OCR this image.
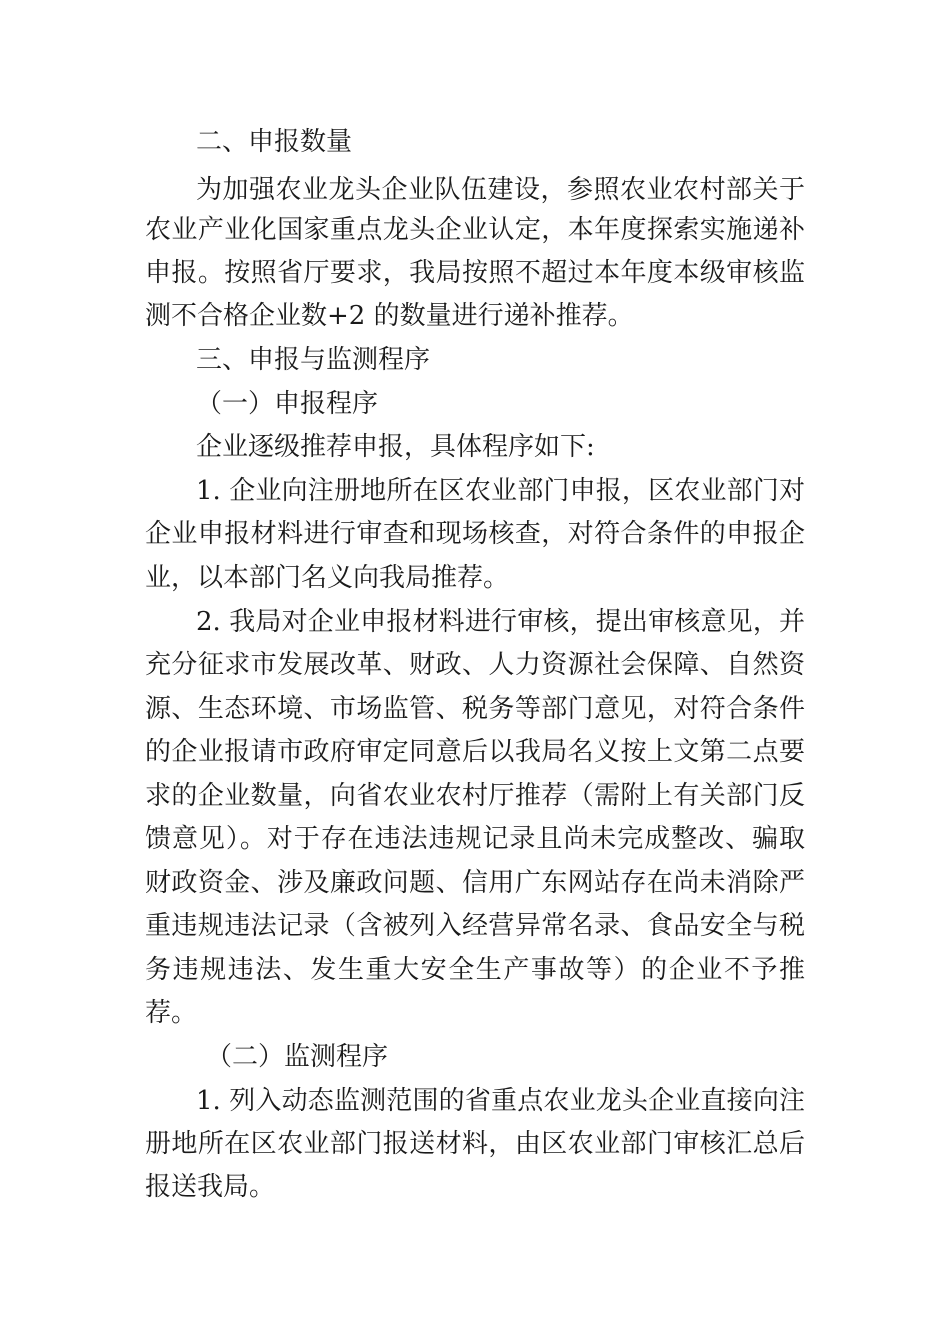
二、申报数量

为加强农业龙头企业队伍建设，参照农业农村部关于

农业产业化国家重点龙头企业认定，本年度探索实施递补

申报。按照省厅要求，我局按照不超过本年度本级审核监

测不合格企业数+2 的数量进行递补推荐。

三、申报与监测程序

（一）申报程序

企业逐级推荐申报，具体程序如下:

1. 企业向注册地所在区农业部门申报，区农业部门对

企业申报材料进行审查和现场核查，对符合条件的申报企

业，以本部门名义向我局推荐。

2. 我局对企业申报材料进行审核，提出审核意见，并

充分征求市发展改革、财政、人力资源社会保障、自然资

源、生态环境、市场监管、税务等部门意见，对符合条件

的企业报请市政府审定同意后以我局名义按上文第二点要

求的企业数量，向省农业农村厅推荐（需附上有关部门反

馈意见）。对于存在违法违规记录且尚未完成整改、骗取

财政资金、涉及廉政问题、信用广东网站存在尚未消除严

重违规违法记录（含被列入经营异常名录、食品安全与税

务违规违法、发生重大安全生产事故等）的企业不予推

荐。

（二）监测程序

1. 列入动态监测范围的省重点农业龙头企业直接向注

册地所在区农业部门报送材料，由区农业部门审核汇总后

报送我局。
